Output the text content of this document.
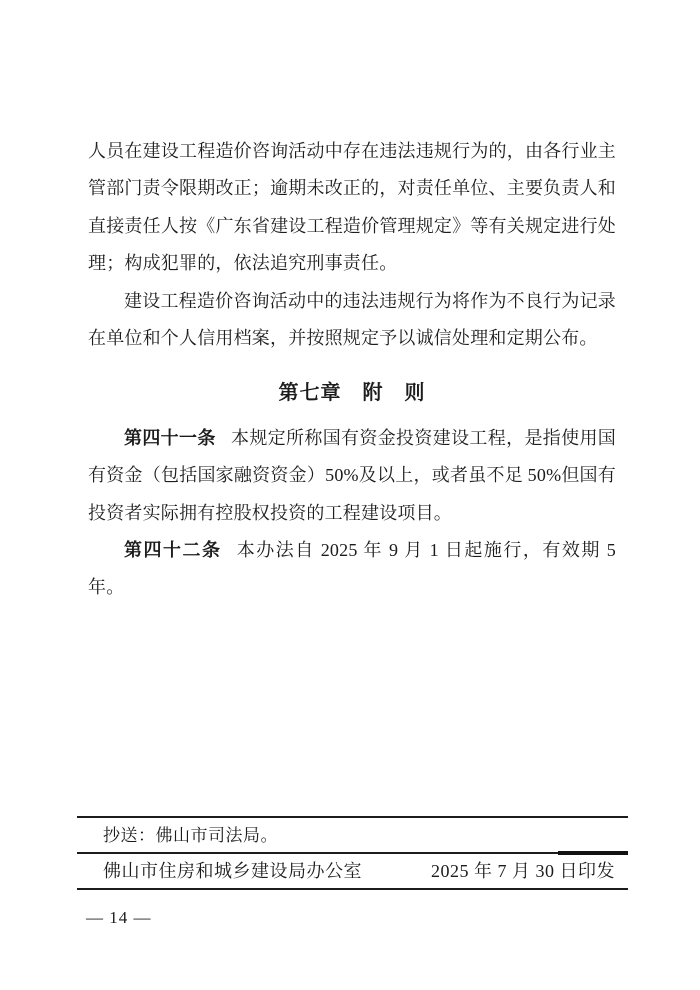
人员在建设工程造价咨询活动中存在违法违规行为的，由各行业主管部门责令限期改正；逾期未改正的，对责任单位、主要负责人和直接责任人按《广东省建设工程造价管理规定》等有关规定进行处理；构成犯罪的，依法追究刑事责任。

建设工程造价咨询活动中的违法违规行为将作为不良行为记录在单位和个人信用档案，并按照规定予以诚信处理和定期公布。

第七章　附　则

第四十一条 本规定所称国有资金投资建设工程，是指使用国有资金（包括国家融资资金）50%及以上，或者虽不足 50%但国有投资者实际拥有控股权投资的工程建设项目。

第四十二条 本办法自 2025 年 9 月 1 日起施行，有效期 5 年。

抄送：佛山市司法局。
佛山市住房和城乡建设局办公室	2025 年 7 月 30 日印发
— 14 —
